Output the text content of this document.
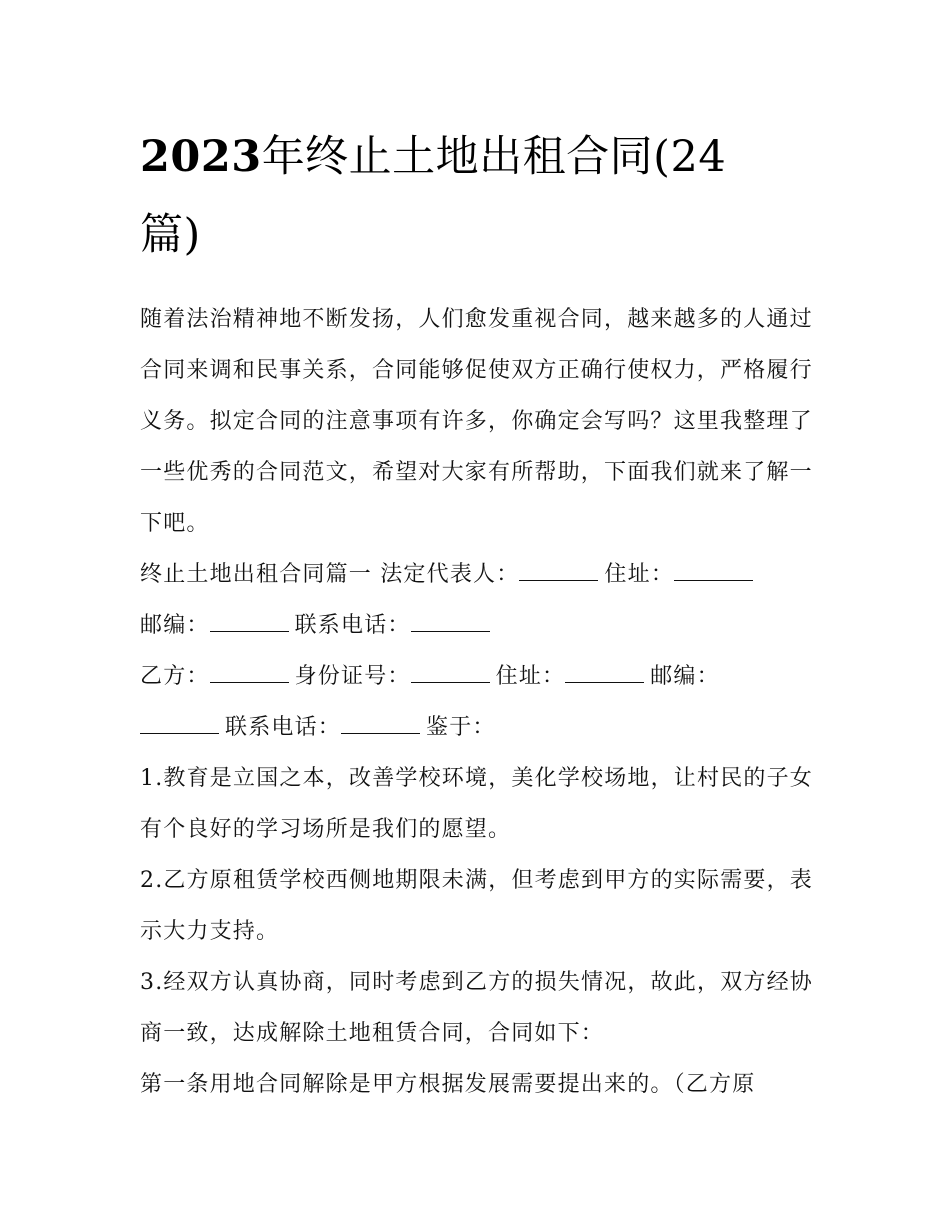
2023年终止土地出租合同(24
篇)

随着法治精神地不断发扬，人们愈发重视合同，越来越多的人通过合同来调和民事关系，合同能够促使双方正确行使权力，严格履行义务。拟定合同的注意事项有许多，你确定会写吗？这里我整理了一些优秀的合同范文，希望对大家有所帮助，下面我们就来了解一下吧。

终止土地出租合同篇一 法定代表人：	住址：
邮编：	联系电话：

乙方：	身份证号：	住址：	邮编：
联系电话：	鉴于：

1.教育是立国之本，改善学校环境，美化学校场地，让村民的子女有个良好的学习场所是我们的愿望。

2.乙方原租赁学校西侧地期限未满，但考虑到甲方的实际需要，表示大力支持。

3.经双方认真协商，同时考虑到乙方的损失情况，故此，双方经协商一致，达成解除土地租赁合同，合同如下：

第一条用地合同解除是甲方根据发展需要提出来的。（乙方原
